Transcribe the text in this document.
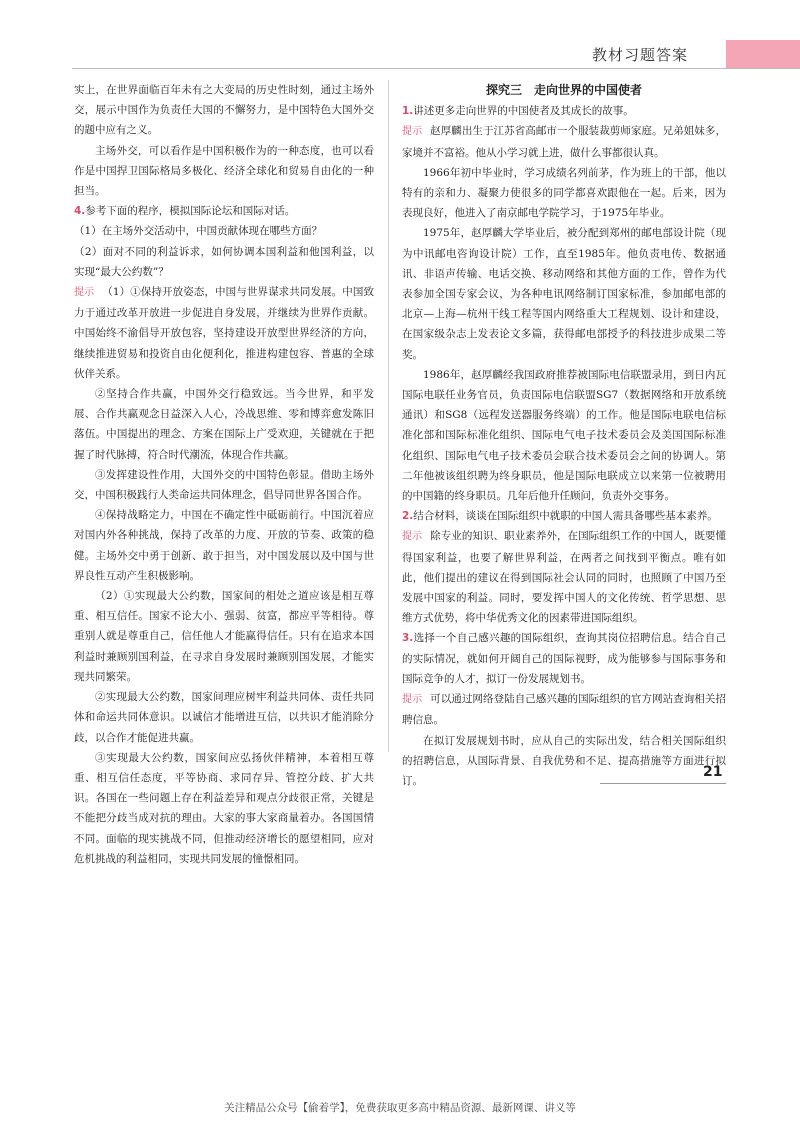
教材习题答案

实上，在世界面临百年未有之大变局的历史性时刻，通过主场外交，展示中国作为负责任大国的不懈努力，是中国特色大国外交的题中应有之义。

主场外交，可以看作是中国积极作为的一种态度，也可以看作是中国捍卫国际格局多极化、经济全球化和贸易自由化的一种担当。

4.参考下面的程序，模拟国际论坛和国际对话。

（1）在主场外交活动中，中国贡献体现在哪些方面？

（2）面对不同的利益诉求，如何协调本国利益和他国利益，以实现“最大公约数”？

提示 （1）①保持开放姿态，中国与世界谋求共同发展。中国致力于通过改革开放进一步促进自身发展，并继续为世界作贡献。中国始终不渝倡导开放包容，坚持建设开放型世界经济的方向，继续推进贸易和投资自由化便利化，推进构建包容、普惠的全球伙伴关系。

②坚持合作共赢，中国外交行稳致远。当今世界，和平发展、合作共赢观念日益深入人心，冷战思维、零和博弈愈发陈旧落伍。中国提出的理念、方案在国际上广受欢迎，关键就在于把握了时代脉搏，符合时代潮流，体现合作共赢。

③发挥建设性作用，大国外交的中国特色彰显。借助主场外交，中国积极践行人类命运共同体理念，倡导同世界各国合作。

④保持战略定力，中国在不确定性中砥砺前行。中国沉着应对国内外各种挑战，保持了改革的力度、开放的节奏、政策的稳健。主场外交中勇于创新、敢于担当，对中国发展以及中国与世界良性互动产生积极影响。

（2）①实现最大公约数，国家间的相处之道应该是相互尊重、相互信任。国家不论大小、强弱、贫富，都应平等相待。尊重别人就是尊重自己，信任他人才能赢得信任。只有在追求本国利益时兼顾别国利益，在寻求自身发展时兼顾别国发展，才能实现共同繁荣。

②实现最大公约数，国家间理应树牢利益共同体、责任共同体和命运共同体意识。以诚信才能增进互信，以共识才能消除分歧，以合作才能促进共赢。

③实现最大公约数，国家间应弘扬伙伴精神，本着相互尊重、相互信任态度，平等协商、求同存异、管控分歧、扩大共识。各国在一些问题上存在利益差异和观点分歧很正常，关键是不能把分歧当成对抗的理由。大家的事大家商量着办。各国国情不同。面临的现实挑战不同，但推动经济增长的愿望相同，应对危机挑战的利益相同，实现共同发展的憧憬相同。

探究三　走向世界的中国使者

1.讲述更多走向世界的中国使者及其成长的故事。

提示 赵厚麟出生于江苏省高邮市一个服装裁剪师家庭。兄弟姐妹多，家境并不富裕。他从小学习就上进，做什么事都很认真。

1966年初中毕业时，学习成绩名列前茅，作为班上的干部，他以特有的亲和力、凝聚力使很多的同学都喜欢跟他在一起。后来，因为表现良好，他进入了南京邮电学院学习，于1975年毕业。

1975年，赵厚麟大学毕业后，被分配到郑州的邮电部设计院（现为中讯邮电咨询设计院）工作，直至1985年。他负责电传、数据通讯、非语声传输、电话交换、移动网络和其他方面的工作，曾作为代表参加全国专家会议，为各种电讯网络制订国家标准，参加邮电部的北京—上海—杭州干线工程等国内网络重大工程规划、设计和建设，在国家级杂志上发表论文多篇，获得邮电部授予的科技进步成果二等奖。

1986年，赵厚麟经我国政府推荐被国际电信联盟录用，到日内瓦国际电联任业务官员，负责国际电信联盟SG7（数据网络和开放系统通讯）和SG8（远程发送器服务终端）的工作。他是国际电联电信标准化部和国际标准化组织、国际电气电子技术委员会及美国国际标准化组织、国际电气电子技术委员会联合技术委员会之间的协调人。第二年他被该组织聘为终身职员，他是国际电联成立以来第一位被聘用的中国籍的终身职员。几年后他升任顾问，负责外交事务。

2.结合材料，谈谈在国际组织中就职的中国人需具备哪些基本素养。

提示 除专业的知识、职业素养外，在国际组织工作的中国人，既要懂得国家利益，也要了解世界利益，在两者之间找到平衡点。唯有如此，他们提出的建议在得到国际社会认同的同时，也照顾了中国乃至发展中国家的利益。同时，要发挥中国人的文化传统、哲学思想、思维方式优势，将中华优秀文化的因素带进国际组织。

3.选择一个自己感兴趣的国际组织，查询其岗位招聘信息。结合自己的实际情况，就如何开阔自己的国际视野，成为能够参与国际事务和国际竞争的人才，拟订一份发展规划书。

提示 可以通过网络登陆自己感兴趣的国际组织的官方网站查询相关招聘信息。

在拟订发展规划书时，应从自己的实际出发，结合相关国际组织的招聘信息，从国际背景、自我优势和不足、提高措施等方面进行拟订。

21
关注精品公众号【偷着学】，免费获取更多高中精品资源、最新网课、讲义等
